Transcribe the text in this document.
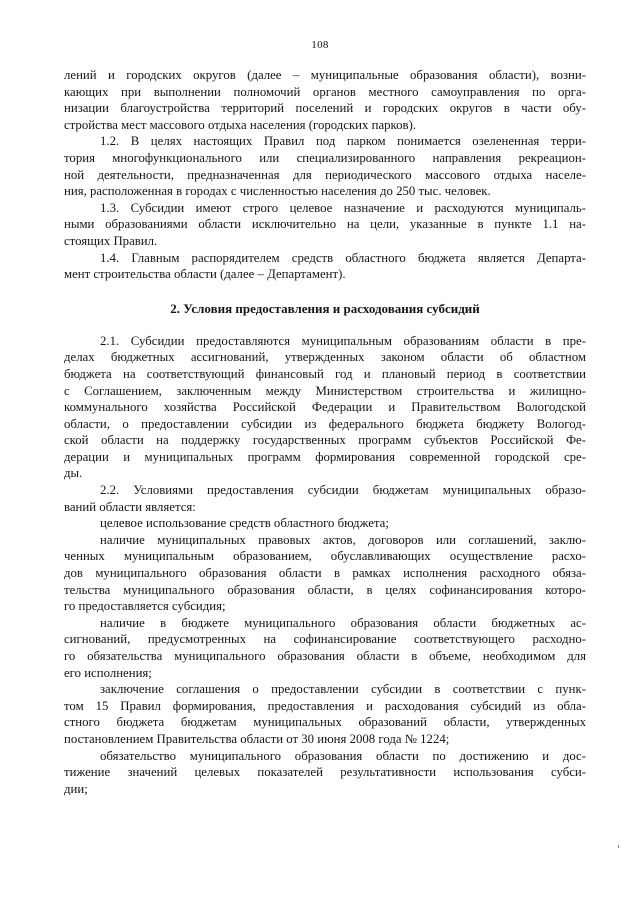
108
лений и городских округов (далее – муниципальные образования области), возни-
кающих при выполнении полномочий органов местного самоуправления по орга-
низации благоустройства территорий поселений и городских округов в части обу-
стройства мест массового отдыха населения (городских парков).
1.2. В целях настоящих Правил под парком понимается озелененная терри-
тория многофункционального или специализированного направления рекреацион-
ной деятельности, предназначенная для периодического массового отдыха населе-
ния, расположенная в городах с численностью населения до 250 тыс. человек.
1.3. Субсидии имеют строго целевое назначение и расходуются муниципаль-
ными образованиями области исключительно на цели, указанные в пункте 1.1 на-
стоящих Правил.
1.4. Главным распорядителем средств областного бюджета является Департа-
мент строительства области (далее – Департамент).
2. Условия предоставления и расходования субсидий
2.1. Субсидии предоставляются муниципальным образованиям области в пре-
делах бюджетных ассигнований, утвержденных законом области об областном
бюджета на соответствующий финансовый год и плановый период в соответствии
с Соглашением, заключенным между Министерством строительства и жилищно-
коммунального хозяйства Российской Федерации и Правительством Вологодской
области, о предоставлении субсидии из федерального бюджета бюджету Вологод-
ской области на поддержку государственных программ субъектов Российской Фе-
дерации и муниципальных программ формирования современной городской сре-
ды.
2.2. Условиями предоставления субсидии бюджетам муниципальных образо-
ваний области является:
целевое использование средств областного бюджета;
наличие муниципальных правовых актов, договоров или соглашений, заклю-
ченных муниципальным образованием, обуславливающих осуществление расхо-
дов муниципального образования области в рамках исполнения расходного обяза-
тельства муниципального образования области, в целях софинансирования которо-
го предоставляется субсидия;
наличие в бюджете муниципального образования области бюджетных ас-
сигнований, предусмотренных на софинансирование соответствующего расходно-
го обязательства муниципального образования области в объеме, необходимом для
его исполнения;
заключение соглашения о предоставлении субсидии в соответствии с пунк-
том 15 Правил формирования, предоставления и расходования субсидий из обла-
стного бюджета бюджетам муниципальных образований области, утвержденных
постановлением Правительства области от 30 июня 2008 года № 1224;
обязательство муниципального образования области по достижению и дос-
тижение значений целевых показателей результативности использования субси-
дии;
